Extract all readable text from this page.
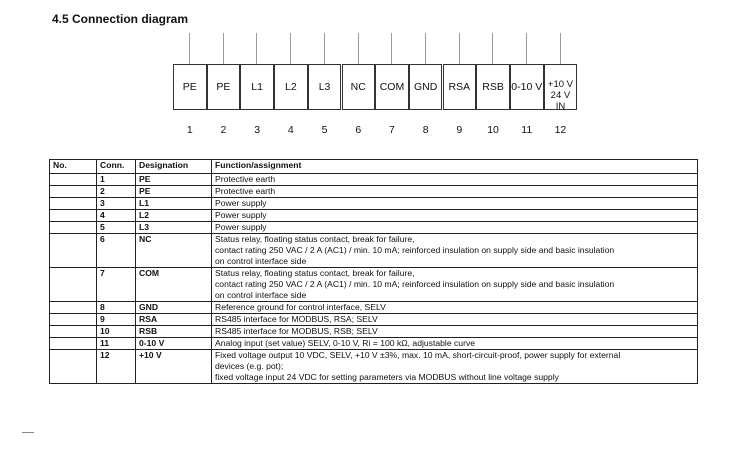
4.5 Connection diagram
PE
1
PE
2
L1
3
L2
4
L3
5
NC
6
COM
7
GND
8
RSA
9
RSB
10
0-10 V
11
+10 V
24 V IN
12
No.	Conn.	Designation	Function/assignment
	1	PE	Protective earth

	2	PE	Protective earth

	3	L1	Power supply

	4	L2	Power supply

	5	L3	Power supply

	6	NC	Status relay, floating status contact, break for failure,
contact rating 250 VAC / 2 A (AC1) / min. 10 mA; reinforced insulation on supply side and basic insulation
on control interface side

	7	COM	Status relay, floating status contact, break for failure,
contact rating 250 VAC / 2 A (AC1) / min. 10 mA; reinforced insulation on supply side and basic insulation
on control interface side

	8	GND	Reference ground for control interface, SELV

	9	RSA	RS485 interface for MODBUS, RSA; SELV

	10	RSB	RS485 interface for MODBUS, RSB; SELV

	11	0-10 V	Analog input (set value) SELV, 0-10 V, Ri = 100 kΩ, adjustable curve

	12	+10 V	Fixed voltage output 10 VDC, SELV, +10 V ±3%, max. 10 mA, short-circuit-proof, power supply for external
devices (e.g. pot);
fixed voltage input 24 VDC for setting parameters via MODBUS without line voltage supply
